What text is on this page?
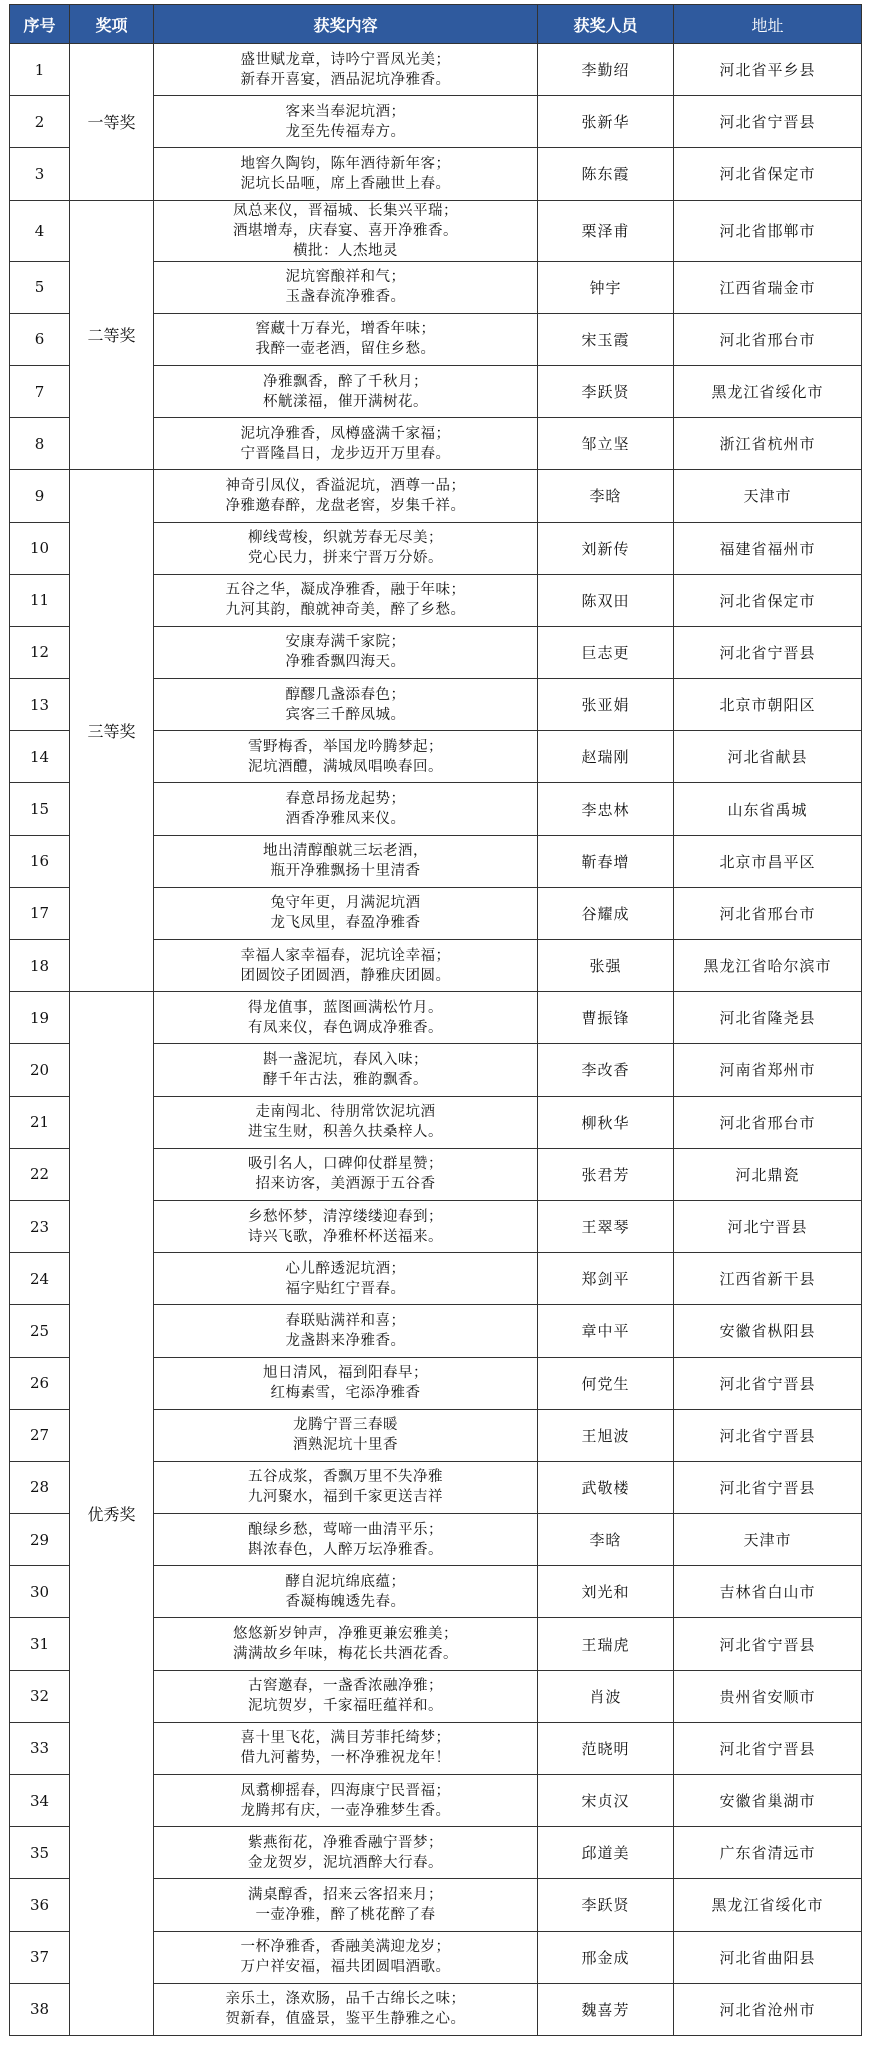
序号	奖项	获奖内容	获奖人员	地址
1	一等奖	盛世赋龙章，诗吟宁晋凤光美；
新春开喜宴，酒品泥坑净雅香。	李勤绍	河北省平乡县
2		客来当奉泥坑酒；
龙至先传福寿方。	张新华	河北省宁晋县
3		地窖久陶钧，陈年酒待新年客；
泥坑长品咂，席上香融世上春。	陈东霞	河北省保定市
4	二等奖	凤总来仪，晋福城、长集兴平瑞；
酒堪增寿，庆春宴、喜开净雅香。
横批：人杰地灵	栗泽甫	河北省邯郸市
5		泥坑窖酿祥和气；
玉盏春流净雅香。	钟宇	江西省瑞金市
6		窖藏十万春光，增香年味；
我醉一壶老酒，留住乡愁。	宋玉霞	河北省邢台市
7		净雅飘香，醉了千秋月；
杯觥漾福，催开满树花。	李跃贤	黑龙江省绥化市
8		泥坑净雅香，凤樽盛满千家福；
宁晋隆昌日，龙步迈开万里春。	邹立坚	浙江省杭州市
9	三等奖	神奇引凤仪，香溢泥坑，酒尊一品；
净雅邀春醉，龙盘老窖，岁集千祥。	李晗	天津市
10		柳线莺梭，织就芳春无尽美；
党心民力，拼来宁晋万分娇。	刘新传	福建省福州市
11		五谷之华，凝成净雅香，融于年味；
九河其韵，酿就神奇美，醉了乡愁。	陈双田	河北省保定市
12		安康寿满千家院；
净雅香飘四海天。	巨志更	河北省宁晋县
13		醇醪几盏添春色；
宾客三千醉凤城。	张亚娟	北京市朝阳区
14		雪野梅香，举国龙吟腾梦起；
泥坑酒醴，满城凤唱唤春回。	赵瑞刚	河北省献县
15		春意昂扬龙起势；
酒香净雅凤来仪。	李忠林	山东省禹城
16		地出清醇酿就三坛老酒，
瓶开净雅飘扬十里清香	靳春增	北京市昌平区
17		兔守年更，月满泥坑酒
龙飞凤里，春盈净雅香	谷耀成	河北省邢台市
18		幸福人家幸福春，泥坑诠幸福；
团圆饺子团圆酒，静雅庆团圆。	张强	黑龙江省哈尔滨市
19	优秀奖	得龙值事，蓝图画满松竹月。
有凤来仪，春色调成净雅香。	曹振锋	河北省隆尧县
20		斟一盏泥坑，春风入味；
酵千年古法，雅韵飘香。	李改香	河南省郑州市
21		走南闯北、待朋常饮泥坑酒
进宝生财，积善久扶桑梓人。	柳秋华	河北省邢台市
22		吸引名人，口碑仰仗群星赞；
招来访客，美酒源于五谷香	张君芳	河北鼎瓷
23		乡愁怀梦，清淳缕缕迎春到；
诗兴飞歌，净雅杯杯送福来。	王翠琴	河北宁晋县
24		心儿醉透泥坑酒；
福字贴红宁晋春。	郑剑平	江西省新干县
25		春联贴满祥和喜；
龙盏斟来净雅香。	章中平	安徽省枞阳县
26		旭日清风，福到阳春早；
红梅素雪，宅添净雅香	何党生	河北省宁晋县
27		龙腾宁晋三春暖
酒熟泥坑十里香	王旭波	河北省宁晋县
28		五谷成浆，香飘万里不失净雅
九河聚水，福到千家更送吉祥	武敬楼	河北省宁晋县
29		酿绿乡愁，莺啼一曲清平乐；
斟浓春色，人醉万坛净雅香。	李晗	天津市
30		酵自泥坑绵底蕴；
香凝梅魄透先春。	刘光和	吉林省白山市
31		悠悠新岁钟声，净雅更兼宏雅美；
满满故乡年味，梅花长共酒花香。	王瑞虎	河北省宁晋县
32		古窖邀春，一盏香浓融净雅；
泥坑贺岁，千家福旺蕴祥和。	肖波	贵州省安顺市
33		喜十里飞花，满目芳菲托绮梦；
借九河蓄势，一杯净雅祝龙年！	范晓明	河北省宁晋县
34		凤翥柳摇春，四海康宁民晋福；
龙腾邦有庆，一壶净雅梦生香。	宋贞汉	安徽省巢湖市
35		紫燕衔花，净雅香融宁晋梦；
金龙贺岁，泥坑酒醉大行春。	邱道美	广东省清远市
36		满桌醇香，招来云客招来月；
一壶净雅，醉了桃花醉了春	李跃贤	黑龙江省绥化市
37		一杯净雅香，香融美满迎龙岁；
万户祥安福，福共团圆唱酒歌。	邢金成	河北省曲阳县
38		亲乐土，涤欢肠，品千古绵长之味；
贺新春，值盛景，鉴平生静雅之心。	魏喜芳	河北省沧州市
